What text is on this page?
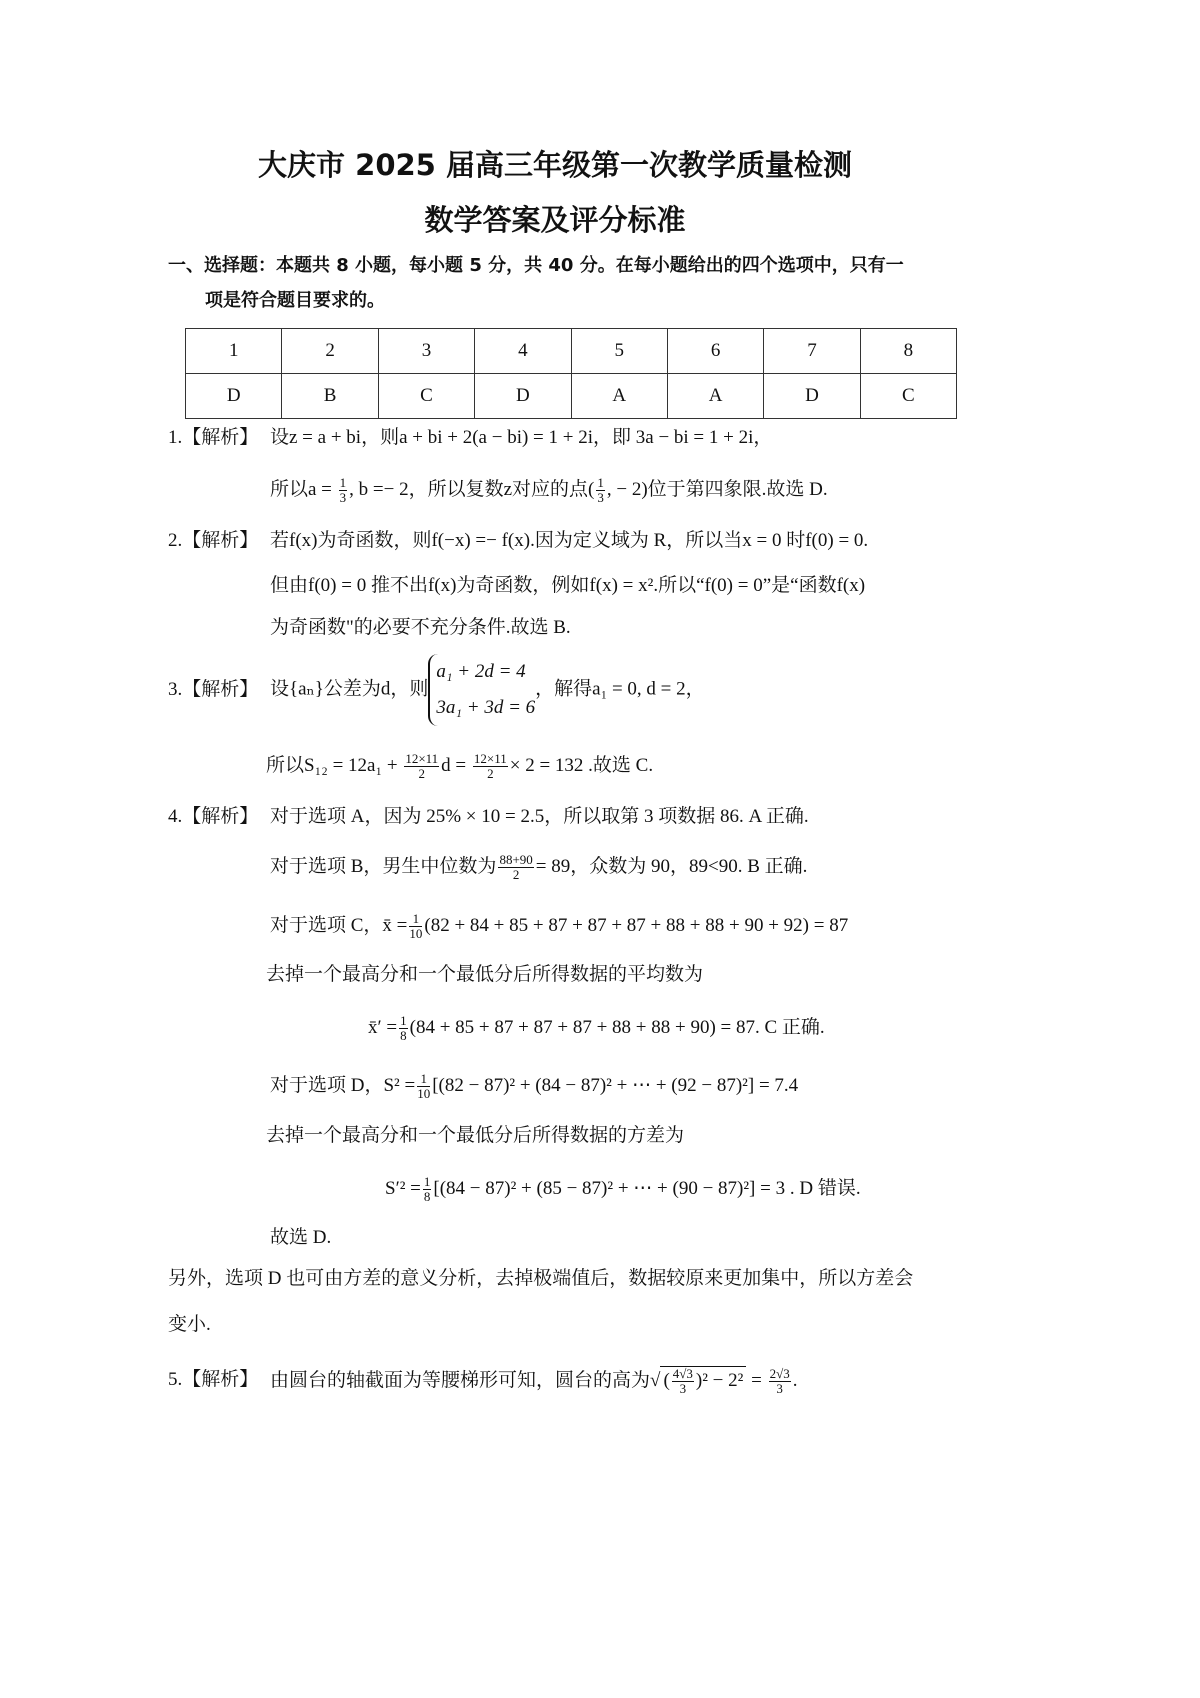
大庆市 2025 届高三年级第一次教学质量检测
数学答案及评分标准
一、选择题：本题共 8 小题，每小题 5 分，共 40 分。在每小题给出的四个选项中，只有一
项是符合题目要求的。
1	2	3	4	5	6	7	8
D	B	C	D	A	A	D	C
1.【解析】 设z = a + bi，则a + bi + 2(a − bi) = 1 + 2i，即 3a − bi = 1 + 2i，
所以$a = \frac{1}{3}$ , b =− 2，所以复数z对应的点( $\frac{1}{3}$ , − 2)位于第四象限.故选 D.
2.【解析】 若f(x)为奇函数，则f(−x) =− f(x).因为定义域为 R，所以当x = 0 时f(0) = 0.
但由f(0) = 0 推不出f(x)为奇函数，例如f(x) = x².所以“f(0) = 0”是“函数f(x)
为奇函数"的必要不充分条件.故选 B.
3.【解析】 设{aₙ}公差为d，则
a₁ + 2d = 4
3a₁ + 3d = 6
，解得a₁ = 0, d = 2，
所以$S_{12} = 12a_1 + \frac{12\times 11}{2}$ $d = \frac{12\times 11}{2} \times 2 = 132$ .故选 C.
4.【解析】 对于选项 A，因为 25% × 10 = 2.5，所以取第 3 项数据 86. A 正确.
对于选项 B，男生中位数为 $\frac{88+90}{2} = 89$，众数为 90，89<90. B 正确.
对于选项 C，x̄ = $\frac{1}{10} (82 + 84 + 85 + 87 + 87 + 87 + 88 + 88 + 90 + 92) = 87$
去掉一个最高分和一个最低分后所得数据的平均数为
x̄′ = $\frac{1}{8} (84 + 85 + 87 + 87 + 87 + 88 + 88 + 90) = 87$. C 正确.
对于选项 D，$S^2 = \frac{1}{10} [(82 - 87)^2 + (84 - 87)^2$ + ⋯ + (92 − 87)²] = 7.4
去掉一个最高分和一个最低分后所得数据的方差为
$S'^2 = \frac{1}{8} [(84 - 87)^2 + (85 - 87)^2$ + ⋯ + (90 − 87)²] = 3 . D 错误.
故选 D.
另外，选项 D 也可由方差的意义分析，去掉极端值后，数据较原来更加集中，所以方差会
变小.
5.【解析】 由圆台的轴截面为等腰梯形可知，圆台的高为√ ( $\frac{4√3}{3} )^2 - 2^2 = \frac{2√3}{3}$ .
